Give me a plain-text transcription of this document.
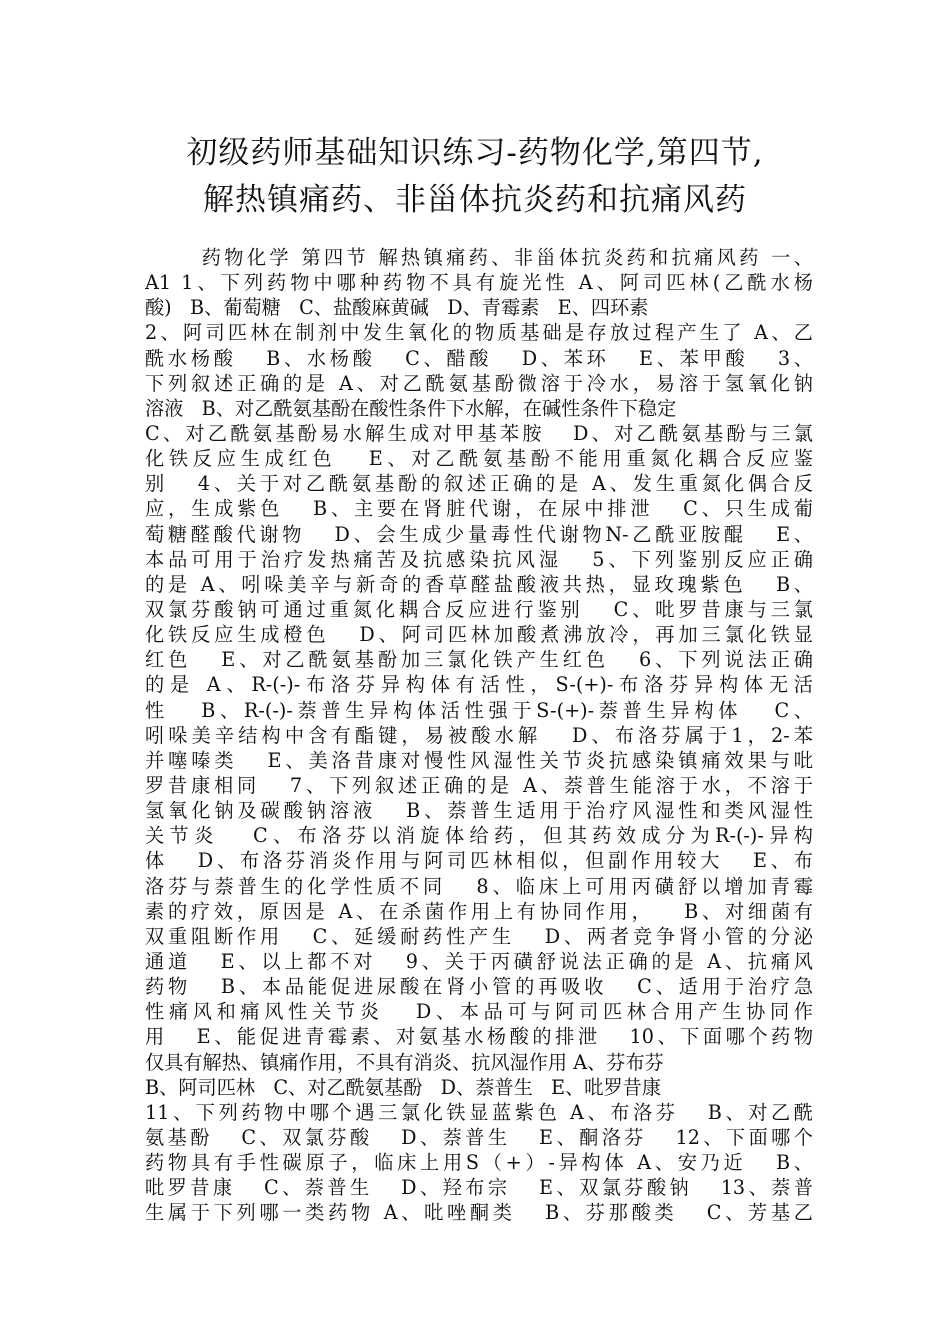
初级药师基础知识练习-药物化学,第四节,
解热镇痛药、非甾体抗炎药和抗痛风药
药物化学 第四节 解热镇痛药、非甾体抗炎药和抗痛风药 一、
A1 1、下列药物中哪种药物不具有旋光性 A、阿司匹林(乙酰水杨
酸)   B、葡萄糖   C、盐酸麻黄碱   D、青霉素   E、四环素
2、阿司匹林在制剂中发生氧化的物质基础是存放过程产生了 A、乙
酰水杨酸   B、水杨酸   C、醋酸   D、苯环   E、苯甲酸   3、
下列叙述正确的是 A、对乙酰氨基酚微溶于冷水，易溶于氢氧化钠
溶液   B、对乙酰氨基酚在酸性条件下水解，在碱性条件下稳定
C、对乙酰氨基酚易水解生成对甲基苯胺   D、对乙酰氨基酚与三氯
化铁反应生成红色   E、对乙酰氨基酚不能用重氮化耦合反应鉴
别   4、关于对乙酰氨基酚的叙述正确的是 A、发生重氮化偶合反
应，生成紫色   B、主要在肾脏代谢，在尿中排泄   C、只生成葡
萄糖醛酸代谢物   D、会生成少量毒性代谢物N-乙酰亚胺醌   E、
本品可用于治疗发热痛苦及抗感染抗风湿   5、下列鉴别反应正确
的是 A、吲哚美辛与新奇的香草醛盐酸液共热，显玫瑰紫色   B、
双氯芬酸钠可通过重氮化耦合反应进行鉴别   C、吡罗昔康与三氯
化铁反应生成橙色   D、阿司匹林加酸煮沸放冷，再加三氯化铁显
红色   E、对乙酰氨基酚加三氯化铁产生红色   6、下列说法正确
的是 A、R-(-)-布洛芬异构体有活性，S-(+)-布洛芬异构体无活
性   B、R-(-)-萘普生异构体活性强于S-(+)-萘普生异构体   C、
吲哚美辛结构中含有酯键，易被酸水解   D、布洛芬属于1，2-苯
并噻嗪类   E、美洛昔康对慢性风湿性关节炎抗感染镇痛效果与吡
罗昔康相同   7、下列叙述正确的是 A、萘普生能溶于水，不溶于
氢氧化钠及碳酸钠溶液   B、萘普生适用于治疗风湿性和类风湿性
关节炎   C、布洛芬以消旋体给药，但其药效成分为R-(-)-异构
体   D、布洛芬消炎作用与阿司匹林相似，但副作用较大   E、布
洛芬与萘普生的化学性质不同   8、临床上可用丙磺舒以增加青霉
素的疗效，原因是 A、在杀菌作用上有协同作用，   B、对细菌有
双重阻断作用   C、延缓耐药性产生   D、两者竞争肾小管的分泌
通道   E、以上都不对   9、关于丙磺舒说法正确的是 A、抗痛风
药物   B、本品能促进尿酸在肾小管的再吸收   C、适用于治疗急
性痛风和痛风性关节炎   D、本品可与阿司匹林合用产生协同作
用   E、能促进青霉素、对氨基水杨酸的排泄   10、下面哪个药物
仅具有解热、镇痛作用，不具有消炎、抗风湿作用 A、芬布芬
B、阿司匹林   C、对乙酰氨基酚   D、萘普生   E、吡罗昔康
11、下列药物中哪个遇三氯化铁显蓝紫色 A、布洛芬   B、对乙酰
氨基酚   C、双氯芬酸   D、萘普生   E、酮洛芬   12、下面哪个
药物具有手性碳原子，临床上用S（+）-异构体 A、安乃近   B、
吡罗昔康   C、萘普生   D、羟布宗   E、双氯芬酸钠   13、萘普
生属于下列哪一类药物 A、吡唑酮类   B、芬那酸类   C、芳基乙
